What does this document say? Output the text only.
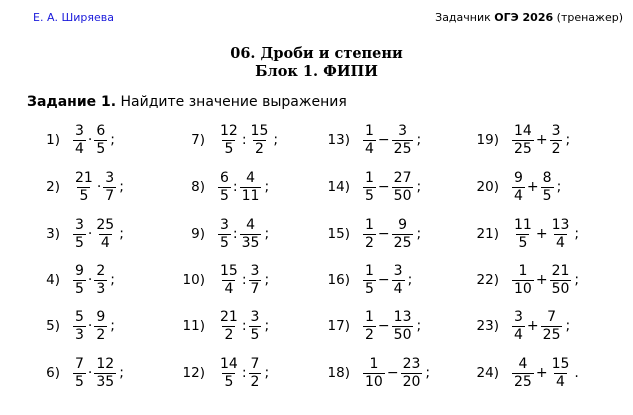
Е. А. Ширяева	Задачник ОГЭ 2026 (тренажер)
06. Дроби и степени
Блок 1. ФИПИ
Задание 1. Найдите значение выражения
$1) \frac{3}{4} \cdot \frac{6}{5}$ ;
$2) \frac{21}{5} \cdot \frac{3}{7}$ ;
$3) \frac{3}{5} \cdot \frac{25}{4}$ ;
$4) \frac{9}{5} \cdot \frac{2}{3}$ ;
$5) \frac{5}{3} \cdot \frac{9}{2}$ ;
$6) \frac{7}{5} \cdot \frac{12}{35}$ ;
$7) \frac{12}{5}$ : $\frac{15}{2}$ ;
$8) \frac{6}{5}$ : $\frac{4}{11}$ ;
$9) \frac{3}{5}$ : $\frac{4}{35}$ ;
$10) \frac{15}{4}$ : $\frac{3}{7}$ ;
$11) \frac{21}{2}$ : $\frac{3}{5}$ ;
$12) \frac{14}{5}$ : $\frac{7}{2}$ ;
$13) \frac{1}{4} - \frac{3}{25}$ ;
$14) \frac{1}{5} - \frac{27}{50}$ ;
$15) \frac{1}{2} - \frac{9}{25}$ ;
$16) \frac{1}{5} - \frac{3}{4}$ ;
$17) \frac{1}{2} - \frac{13}{50}$ ;
$18) \frac{1}{10} - \frac{23}{20}$ ;
$19) \frac{14}{25} + \frac{3}{2}$ ;
$20) \frac{9}{4} + \frac{8}{5}$ ;
$21) \frac{11}{5} + \frac{13}{4}$ ;
$22) \frac{1}{10} + \frac{21}{50}$ ;
$23) \frac{3}{4} + \frac{7}{25}$ ;
$24) \frac{4}{25} + \frac{15}{4}$ .
